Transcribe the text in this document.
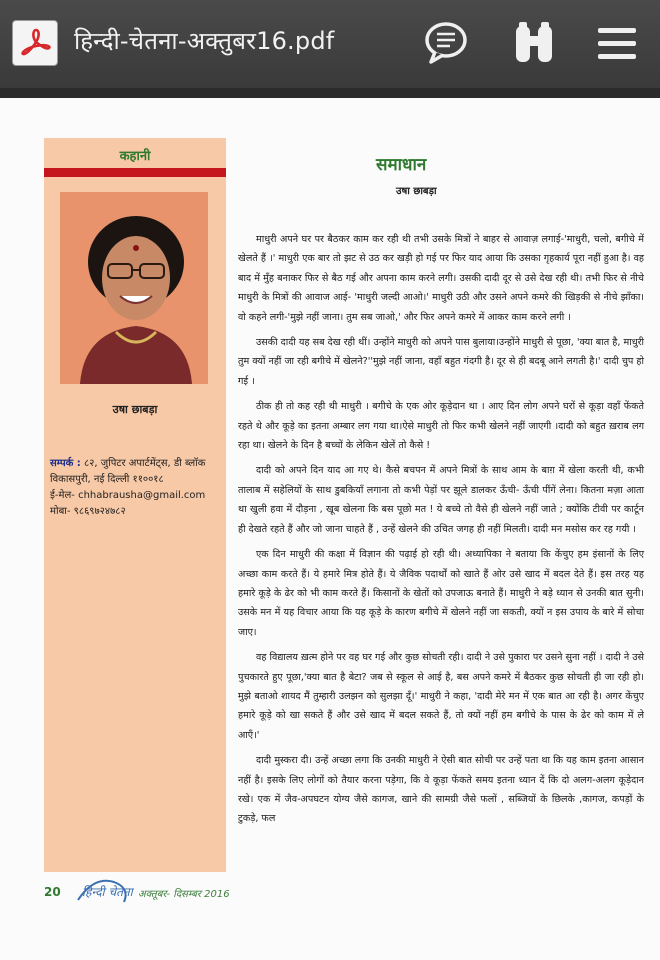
हिन्दी-चेतना-अक्तुबर16.pdf
कहानी
उषा छाबड़ा
सम्पर्क : ८२, जुपिटर अपार्टमेंट्स, डी ब्लॉक विकासपुरी, नई दिल्ली ११००१८
ई-मेल- chhabrausha@gmail.com
मोबा- ९८६९७२४७८२
समाधान
उषा छाबड़ा

माधुरी अपने घर पर बैठकर काम कर रही थी तभी उसके मित्रों ने बाहर से आवाज़ लगाई-'माधुरी, चलो, बगीचे में खेलते हैं ।' माधुरी एक बार तो झट से उठ कर खड़ी हो गई पर फिर याद आया कि उसका गृहकार्य पूरा नहीं हुआ है। वह बाद में मुँह बनाकर फिर से बैठ गई और अपना काम करने लगी। उसकी दादी दूर से उसे देख रही थी। तभी फिर से नीचे माधुरी के मित्रों की आवाज आई- 'माधुरी जल्दी आओ।' माधुरी उठी और उसने अपने कमरे की खिड़की से नीचे झाँका। वो कहने लगी-'मुझे नहीं जाना। तुम सब जाओ,' और फिर अपने कमरे में आकर काम करने लगी ।

उसकी दादी यह सब देख रही थीं। उन्होंने माधुरी को अपने पास बुलाया।उन्होंने माधुरी से पूछा, 'क्या बात है, माधुरी तुम क्यों नहीं जा रही बगीचे में खेलने?''मुझे नहीं जाना, वहाँ बहुत गंदगी है। दूर से ही बदबू आने लगती है।' दादी चुप हो गई ।

ठीक ही तो कह रही थी माधुरी । बगीचे के एक ओर कूड़ेदान था । आए दिन लोग अपने घरों से कूड़ा वहाँ फेंकते रहते थे और कूड़े का इतना अम्बार लग गया था।ऐसे माधुरी तो फिर कभी खेलने नहीं जाएगी ।दादी को बहुत ख़राब लग रहा था। खेलने के दिन है बच्चों के लेकिन खेलें तो कैसे !

दादी को अपने दिन याद आ गए थे। कैसे बचपन में अपने मित्रों के साथ आम के बाग़ में खेला करती थी, कभी तालाब में सहेलियों के साथ डुबकियाँ लगाना तो कभी पेड़ों पर झूले डालकर ऊँची- ऊँची पींगें लेना। कितना मज़ा आता था खुली हवा में दौड़ना , खूब खेलना कि बस पूछो मत ! ये बच्चे तो वैसे ही खेलने नहीं जाते ; क्योंकि टीवी पर कार्टून ही देखते रहते हैं और जो जाना चाहते हैं , उन्हें खेलने की उचित जगह ही नहीं मिलती। दादी मन मसोस कर रह गयी ।

एक दिन माधुरी की कक्षा में विज्ञान की पढ़ाई हो रही थी। अध्यापिका ने बताया कि केंचुए हम इंसानों के लिए अच्छा काम करते हैं। ये हमारे मित्र होते हैं। ये जैविक पदार्थों को खाते हैं ओर उसे खाद में बदल देते हैं। इस तरह यह हमारे कूड़े के ढेर को भी काम करते हैं। किसानों के खेतों को उपजाऊ बनाते हैं। माधुरी ने बड़े ध्यान से उनकी बात सुनी। उसके मन में यह विचार आया कि यह कूड़े के कारण बगीचे में खेलने नहीं जा सकती, क्यों न इस उपाय के बारे में सोचा जाए।

वह विद्यालय ख़त्म होने पर वह घर गई और कुछ सोचती रही। दादी ने उसे पुकारा पर उसने सुना नहीं । दादी ने उसे पुचकारते हुए पूछा,'क्या बात है बेटा? जब से स्कूल से आई है, बस अपने कमरे में बैठकर कुछ सोचती ही जा रही हो। मुझे बताओ शायद मैं तुम्हारी उलझन को सुलझा दूँ।' माधुरी ने कहा, 'दादी मेरे मन में एक बात आ रही है। अगर केंचुए हमारे कूड़े को खा सकते हैं और उसे खाद में बदल सकते हैं, तो क्यों नहीं हम बगीचे के पास के ढेर को काम में ले आएँ।'

दादी मुस्करा दी। उन्हें अच्छा लगा कि उनकी माधुरी ने ऐसी बात सोची पर उन्हें पता था कि यह काम इतना आसान नहीं है। इसके लिए लोगों को तैयार करना पड़ेगा, कि वे कूड़ा फेंकते समय इतना ध्यान दें कि दो अलग-अलग कूड़ेदान रखे। एक में जैव-अपघटन योग्य जैसे कागज, खाने की सामग्री जैसे फलों , सब्जियों के छिलके ,कागज, कपड़ों के टुकड़े, फल

20 हिन्दी चेतना अक्तूबर- दिसम्बर 2016
